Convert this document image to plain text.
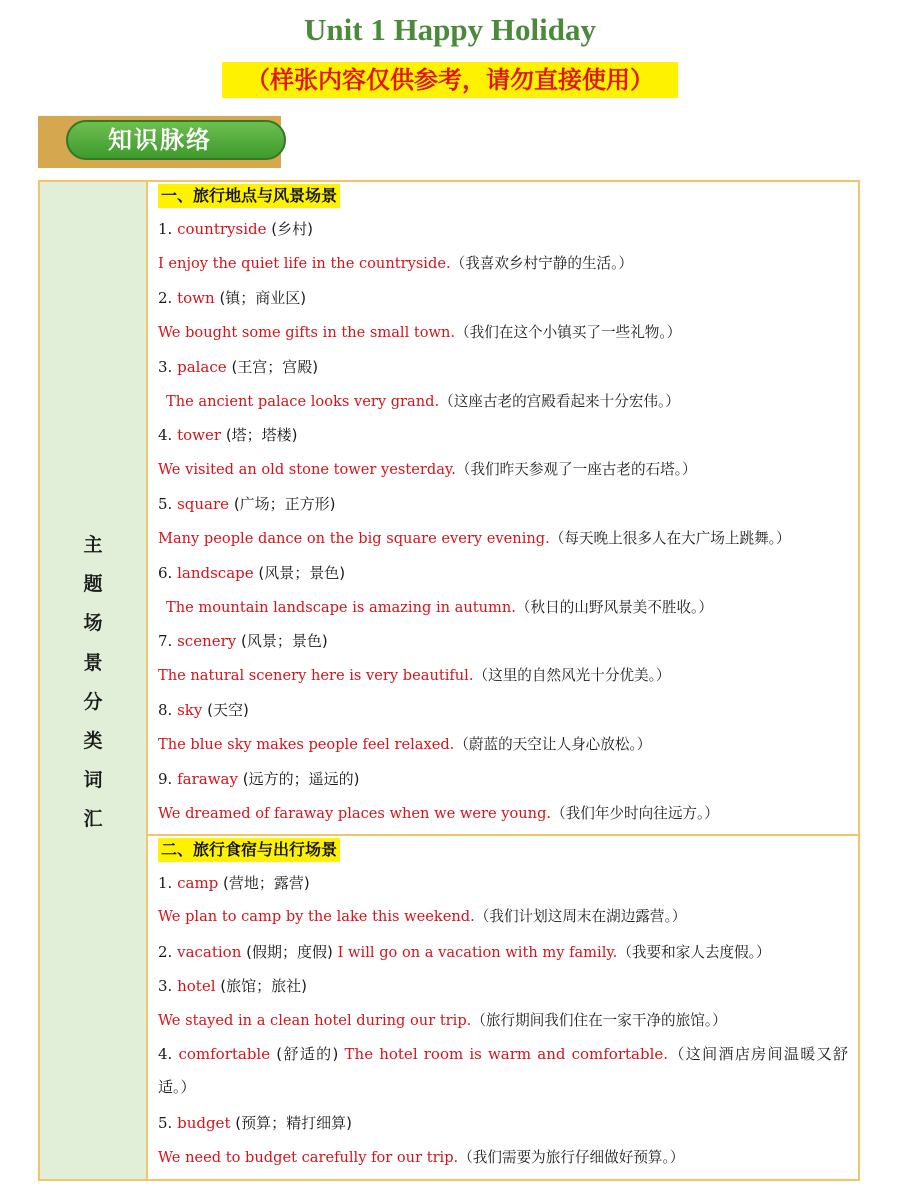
Unit 1 Happy Holiday
（样张内容仅供参考，请勿直接使用）
知识脉络
主
题
场
景
分
类
词
汇
一、旅行地点与风景场景
1. countryside (乡村)
I enjoy the quiet life in the countryside.（我喜欢乡村宁静的生活。）
2. town (镇；商业区)
We bought some gifts in the small town.（我们在这个小镇买了一些礼物。）
3. palace (王宫；宫殿)
The ancient palace looks very grand.（这座古老的宫殿看起来十分宏伟。）
4. tower (塔；塔楼)
We visited an old stone tower yesterday.（我们昨天参观了一座古老的石塔。）
5. square (广场；正方形)
Many people dance on the big square every evening.（每天晚上很多人在大广场上跳舞。）
6. landscape (风景；景色)
The mountain landscape is amazing in autumn.（秋日的山野风景美不胜收。）
7. scenery (风景；景色)
The natural scenery here is very beautiful.（这里的自然风光十分优美。）
8. sky (天空)
The blue sky makes people feel relaxed.（蔚蓝的天空让人身心放松。）
9. faraway (远方的；遥远的)
We dreamed of faraway places when we were young.（我们年少时向往远方。）
二、旅行食宿与出行场景
1. camp (营地；露营)
We plan to camp by the lake this weekend.（我们计划这周末在湖边露营。）
2. vacation (假期；度假) I will go on a vacation with my family.（我要和家人去度假。）
3. hotel (旅馆；旅社)
We stayed in a clean hotel during our trip.（旅行期间我们住在一家干净的旅馆。）
4. comfortable (舒适的) The hotel room is warm and comfortable.（这间酒店房间温暖又舒
适。）
5. budget (预算；精打细算)
We need to budget carefully for our trip.（我们需要为旅行仔细做好预算。）
